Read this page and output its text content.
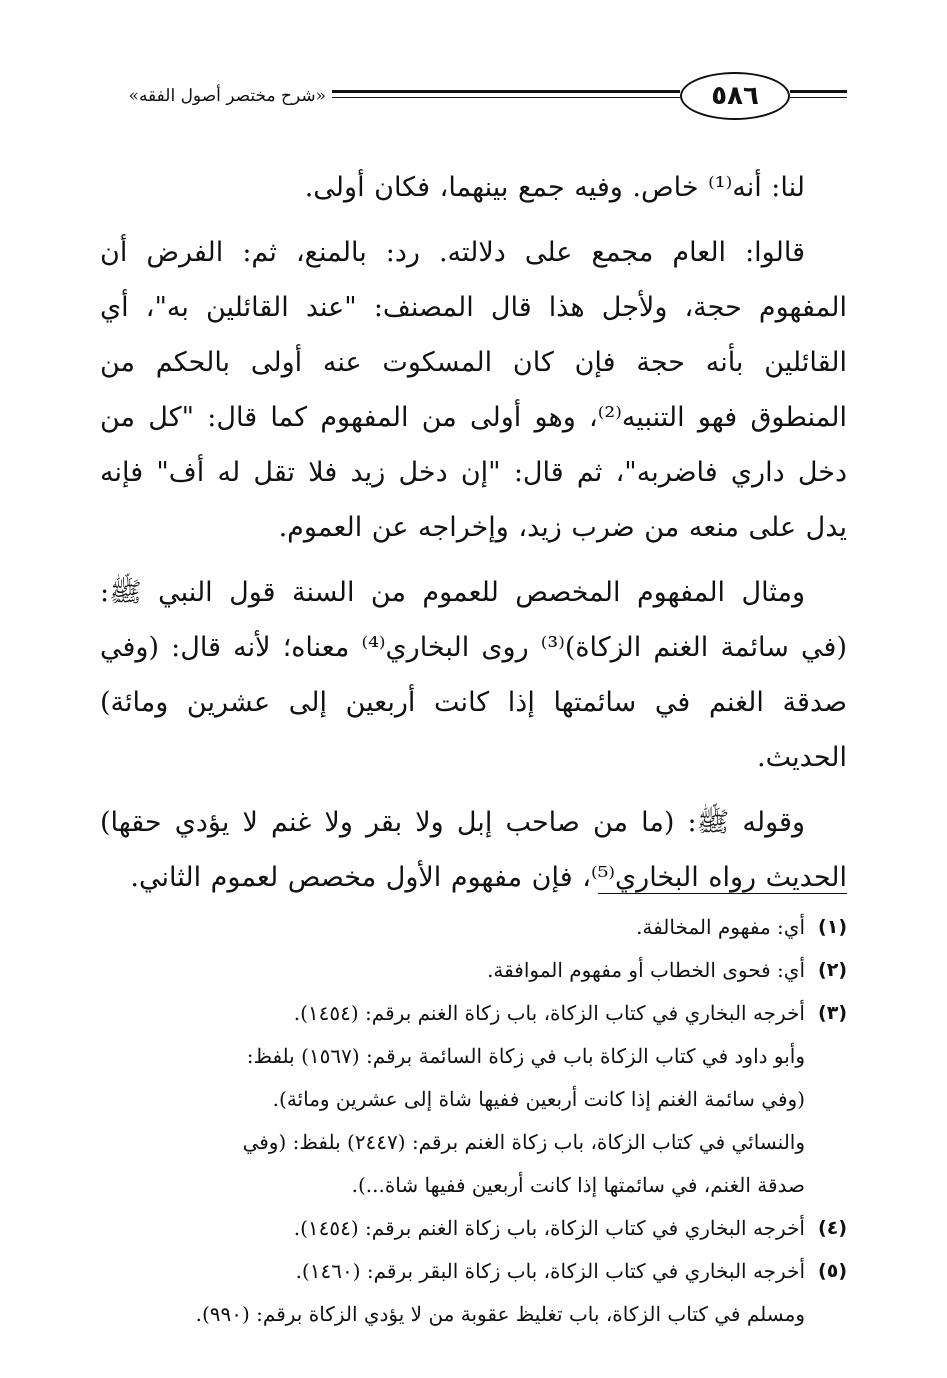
٥٨٦
«شرح مختصر أصول الفقه»

لنا: أنه⁽¹⁾ خاص. وفيه جمع بينهما، فكان أولى.

قالوا: العام مجمع على دلالته. رد: بالمنع، ثم: الفرض أن المفهوم حجة، ولأجل هذا قال المصنف: "عند القائلين به"، أي القائلين بأنه حجة فإن كان المسكوت عنه أولى بالحكم من المنطوق فهو التنبيه⁽²⁾، وهو أولى من المفهوم كما قال: "كل من دخل داري فاضربه"، ثم قال: "إن دخل زيد فلا تقل له أف" فإنه يدل على منعه من ضرب زيد، وإخراجه عن العموم.

ومثال المفهوم المخصص للعموم من السنة قول النبي ﷺ: (في سائمة الغنم الزكاة)⁽³⁾ روى البخاري⁽⁴⁾ معناه؛ لأنه قال: (وفي صدقة الغنم في سائمتها إذا كانت أربعين إلى عشرين ومائة) الحديث.

وقوله ﷺ: (ما من صاحب إبل ولا بقر ولا غنم لا يؤدي حقها) الحديث رواه البخاري⁽⁵⁾، فإن مفهوم الأول مخصص لعموم الثاني.

(١)
أي: مفهوم المخالفة.
(٢)
أي: فحوى الخطاب أو مفهوم الموافقة.
(٣)
أخرجه البخاري في كتاب الزكاة، باب زكاة الغنم برقم: (١٤٥٤).
وأبو داود في كتاب الزكاة باب في زكاة السائمة برقم: (١٥٦٧) بلفظ:
(وفي سائمة الغنم إذا كانت أربعين ففيها شاة إلى عشرين ومائة).
والنسائي في كتاب الزكاة، باب زكاة الغنم برقم: (٢٤٤٧) بلفظ: (وفي
صدقة الغنم، في سائمتها إذا كانت أربعين ففيها شاة...).
(٤)
أخرجه البخاري في كتاب الزكاة، باب زكاة الغنم برقم: (١٤٥٤).
(٥)
أخرجه البخاري في كتاب الزكاة، باب زكاة البقر برقم: (١٤٦٠).
ومسلم في كتاب الزكاة، باب تغليظ عقوبة من لا يؤدي الزكاة برقم: (٩٩٠).
